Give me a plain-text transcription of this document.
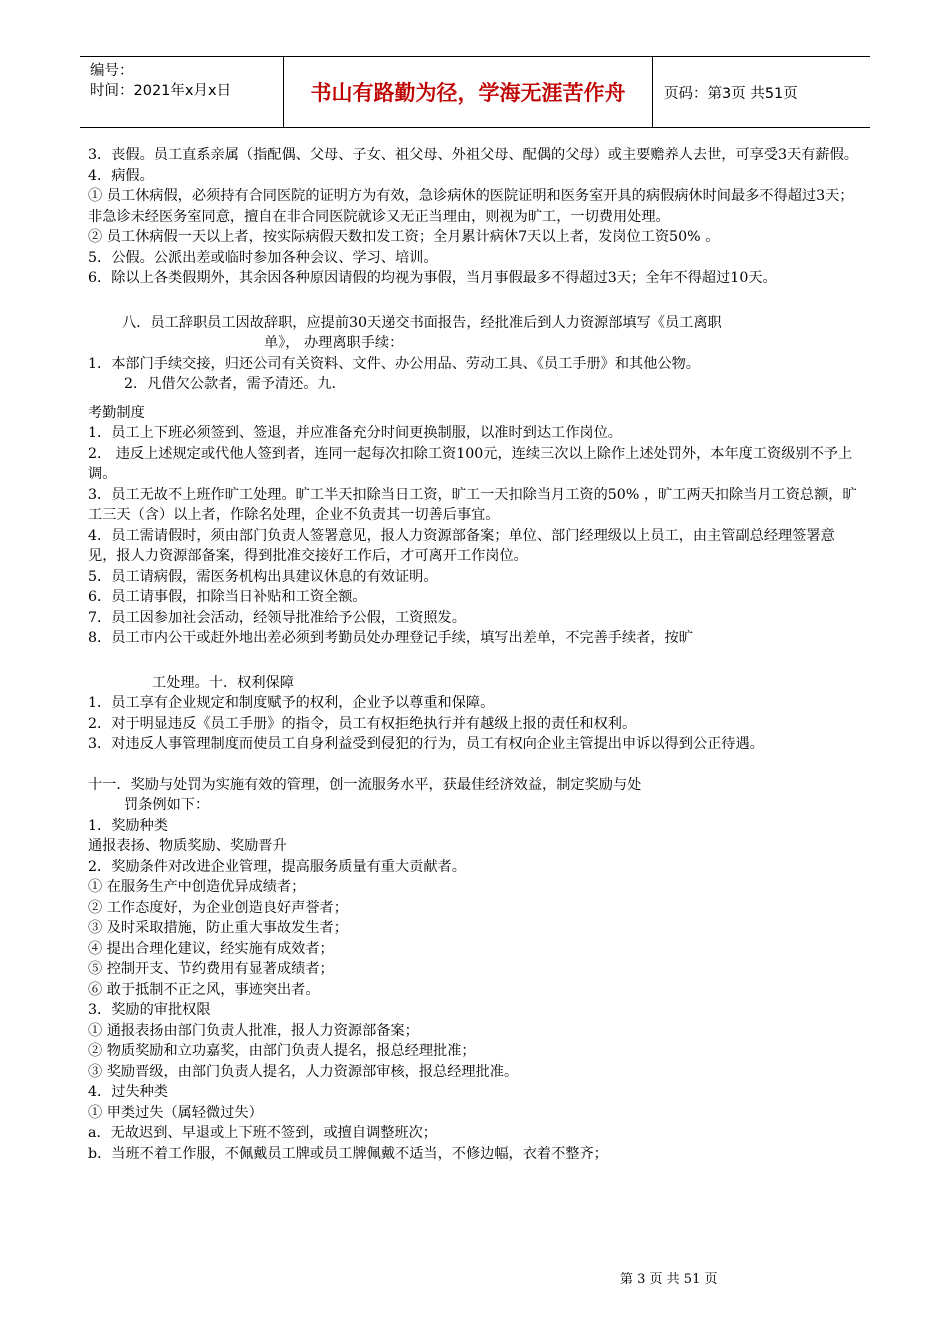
编号：
时间：2021年x月x日	书山有路勤为径，学海无涯苦作舟	页码：第3页 共51页

3．丧假。员工直系亲属（指配偶、父母、子女、祖父母、外祖父母、配偶的父母）或主要赡养人去世，可享受3天有薪假。

4．病假。

① 员工休病假，必须持有合同医院的证明方为有效，急诊病休的医院证明和医务室开具的病假病休时间最多不得超过3天；非急诊未经医务室同意，擅自在非合同医院就诊又无正当理由，则视为旷工，一切费用处理。

② 员工休病假一天以上者，按实际病假天数扣发工资；全月累计病休7天以上者，发岗位工资50% 。

5．公假。公派出差或临时参加各种会议、学习、培训。

6．除以上各类假期外，其余因各种原因请假的均视为事假，当月事假最多不得超过3天；全年不得超过10天。

八．员工辞职员工因故辞职，应提前30天递交书面报告，经批准后到人力资源部填写《员工离职

单》， 办理离职手续：

1．本部门手续交接，归还公司有关资料、文件、办公用品、劳动工具、《员工手册》和其他公物。

2．凡借欠公款者，需予清还。九．

考勤制度

1．员工上下班必须签到、签退，并应准备充分时间更换制服，以准时到达工作岗位。

2． 违反上述规定或代他人签到者，连同一起每次扣除工资100元，连续三次以上除作上述处罚外，本年度工资级别不予上调。

3．员工无故不上班作旷工处理。旷工半天扣除当日工资，旷工一天扣除当月工资的50% ，旷工两天扣除当月工资总额，旷工三天（含）以上者，作除名处理，企业不负责其一切善后事宜。

4．员工需请假时，须由部门负责人签署意见，报人力资源部备案；单位、部门经理级以上员工，由主管副总经理签署意见，报人力资源部备案，得到批准交接好工作后，才可离开工作岗位。

5．员工请病假，需医务机构出具建议休息的有效证明。

6．员工请事假，扣除当日补贴和工资全额。

7．员工因参加社会活动，经领导批准给予公假，工资照发。

8．员工市内公干或赶外地出差必须到考勤员处办理登记手续，填写出差单，不完善手续者，按旷

工处理。十．权利保障

1．员工享有企业规定和制度赋予的权利，企业予以尊重和保障。

2．对于明显违反《员工手册》的指令，员工有权拒绝执行并有越级上报的责任和权利。

3．对违反人事管理制度而使员工自身利益受到侵犯的行为，员工有权向企业主管提出申诉以得到公正待遇。

十一．奖励与处罚为实施有效的管理，创一流服务水平，获最佳经济效益，制定奖励与处

罚条例如下：

1．奖励种类

通报表扬、物质奖励、奖励晋升

2．奖励条件对改进企业管理，提高服务质量有重大贡献者。

① 在服务生产中创造优异成绩者；

② 工作态度好，为企业创造良好声誉者；

③ 及时采取措施，防止重大事故发生者；

④ 提出合理化建议，经实施有成效者；

⑤ 控制开支、节约费用有显著成绩者；

⑥ 敢于抵制不正之风，事迹突出者。

3．奖励的审批权限

① 通报表扬由部门负责人批准，报人力资源部备案；

② 物质奖励和立功嘉奖，由部门负责人提名，报总经理批准；

③ 奖励晋级，由部门负责人提名，人力资源部审核，报总经理批准。

4．过失种类

① 甲类过失（属轻微过失）

a．无故迟到、早退或上下班不签到，或擅自调整班次；

b．当班不着工作服，不佩戴员工牌或员工牌佩戴不适当，不修边幅，衣着不整齐；

第 3 页 共 51 页
